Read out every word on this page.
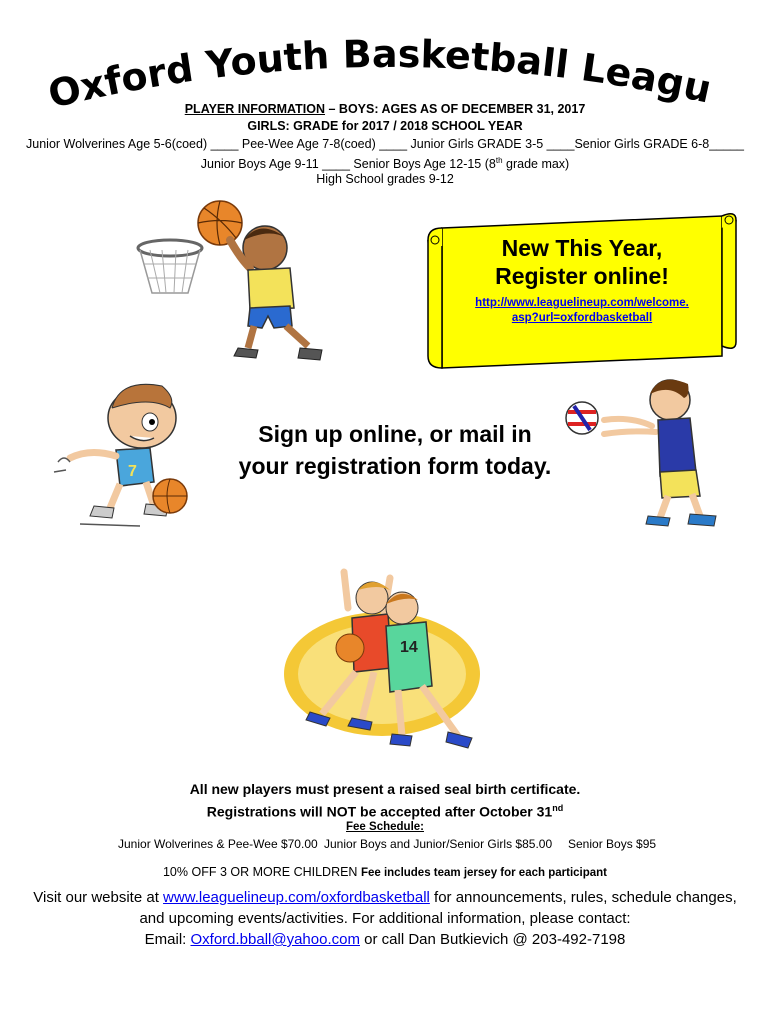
Oxford Youth Basketball League
PLAYER INFORMATION – BOYS: AGES AS OF DECEMBER 31, 2017
GIRLS: GRADE for 2017 / 2018 SCHOOL YEAR
Junior Wolverines Age 5-6(coed) ____ Pee-Wee Age 7-8(coed) ____ Junior Girls GRADE 3-5 ____Senior Girls GRADE 6-8_____
Junior Boys Age 9-11 ____ Senior Boys Age 12-15 (8th grade max)
High School grades 9-12
New This Year,
Register online!
http://www.leaguelineup.com/welcome.
asp?url=oxfordbasketball
7
Sign up online, or mail in
your registration form today.
14
All new players must present a raised seal birth certificate.
Registrations will NOT be accepted after October 31nd
Fee Schedule:
Junior Wolverines & Pee-Wee $70.00 Junior Boys and Junior/Senior Girls $85.00 Senior Boys $95
10% OFF 3 OR MORE CHILDREN Fee includes team jersey for each participant
Visit our website at www.leaguelineup.com/oxfordbasketball for announcements, rules, schedule changes,
and upcoming events/activities. For additional information, please contact:
Email: Oxford.bball@yahoo.com or call Dan Butkievich @ 203-492-7198
